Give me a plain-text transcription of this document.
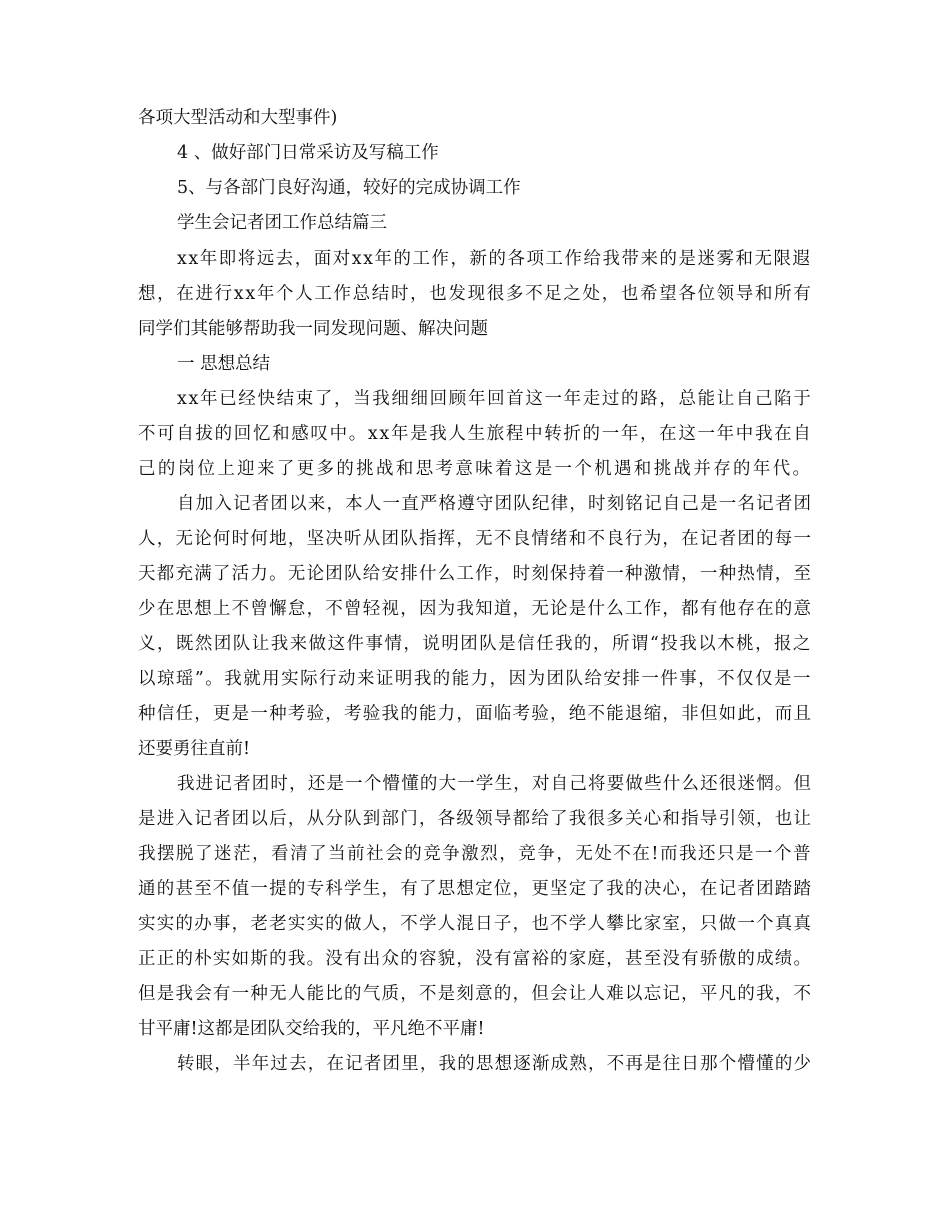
各项大型活动和大型事件)

4 、做好部门日常采访及写稿工作

5、与各部门良好沟通，较好的完成协调工作

学生会记者团工作总结篇三

xx年即将远去，面对xx年的工作，新的各项工作给我带来的是迷雾和无限遐

想，在进行xx年个人工作总结时，也发现很多不足之处，也希望各位领导和所有

同学们其能够帮助我一同发现问题、解决问题

一 思想总结

xx年已经快结束了，当我细细回顾年回首这一年走过的路，总能让自己陷于

不可自拔的回忆和感叹中。xx年是我人生旅程中转折的一年，在这一年中我在自

己的岗位上迎来了更多的挑战和思考意味着这是一个机遇和挑战并存的年代。

自加入记者团以来，本人一直严格遵守团队纪律，时刻铭记自己是一名记者团

人，无论何时何地，坚决听从团队指挥，无不良情绪和不良行为，在记者团的每一

天都充满了活力。无论团队给安排什么工作，时刻保持着一种激情，一种热情，至

少在思想上不曾懈怠，不曾轻视，因为我知道，无论是什么工作，都有他存在的意

义，既然团队让我来做这件事情，说明团队是信任我的，所谓“投我以木桃，报之

以琼瑶”。我就用实际行动来证明我的能力，因为团队给安排一件事，不仅仅是一

种信任，更是一种考验，考验我的能力，面临考验，绝不能退缩，非但如此，而且

还要勇往直前!

我进记者团时，还是一个懵懂的大一学生，对自己将要做些什么还很迷惘。但

是进入记者团以后，从分队到部门，各级领导都给了我很多关心和指导引领，也让

我摆脱了迷茫，看清了当前社会的竞争激烈，竞争，无处不在!而我还只是一个普

通的甚至不值一提的专科学生，有了思想定位，更坚定了我的决心，在记者团踏踏

实实的办事，老老实实的做人，不学人混日子，也不学人攀比家室，只做一个真真

正正的朴实如斯的我。没有出众的容貌，没有富裕的家庭，甚至没有骄傲的成绩。

但是我会有一种无人能比的气质，不是刻意的，但会让人难以忘记，平凡的我，不

甘平庸!这都是团队交给我的，平凡绝不平庸!

转眼，半年过去，在记者团里，我的思想逐渐成熟，不再是往日那个懵懂的少
